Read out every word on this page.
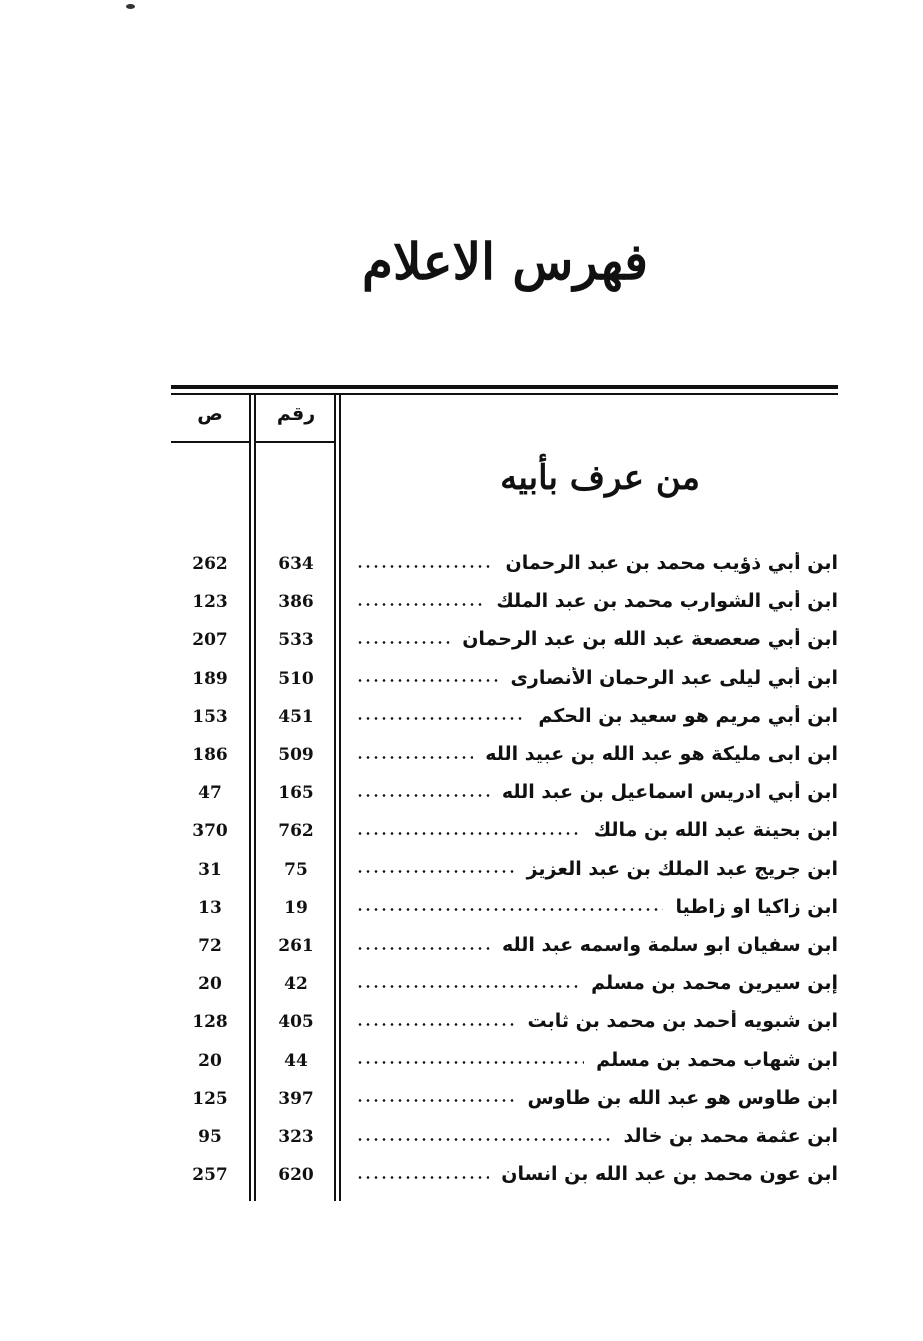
فهرس الاعلام
ص	رقم
من عرف بأبيه
262	634	ابن أبي ذؤيب محمد بن عبد الرحمان
123	386	ابن أبي الشوارب محمد بن عبد الملك
207	533	ابن أبي صعصعة عبد الله بن عبد الرحمان
189	510	ابن أبي ليلى عبد الرحمان الأنصارى
153	451	ابن أبي مريم هو سعيد بن الحكم
186	509	ابن ابى مليكة هو عبد الله بن عبيد الله
47	165	ابن أبي ادريس اسماعيل بن عبد الله
370	762	ابن بحينة عبد الله بن مالك
31	75	ابن جريج عبد الملك بن عبد العزيز
13	19	ابن زاكيا او زاطيا
72	261	ابن سفيان ابو سلمة واسمه عبد الله
20	42	إبن سيرين محمد بن مسلم
128	405	ابن شبويه أحمد بن محمد بن ثابت
20	44	ابن شهاب محمد بن مسلم
125	397	ابن طاوس هو عبد الله بن طاوس
95	323	ابن عثمة محمد بن خالد
257	620	ابن عون محمد بن عبد الله بن انسان
